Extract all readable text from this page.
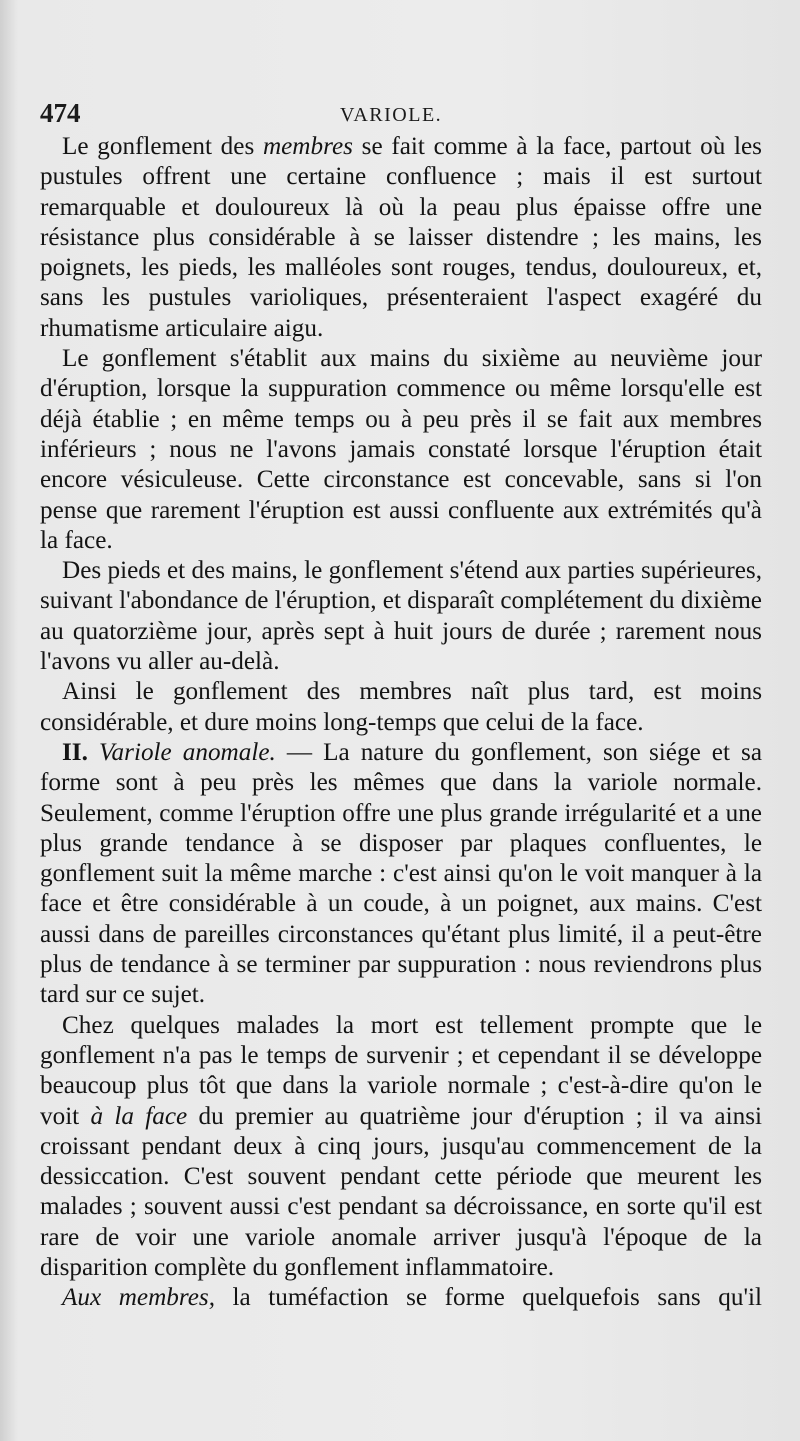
474	VARIOLE.

Le gonflement des membres se fait comme à la face, partout où les pustules offrent une certaine confluence ; mais il est surtout remarquable et douloureux là où la peau plus épaisse offre une résistance plus considérable à se laisser distendre ; les mains, les poignets, les pieds, les malléoles sont rouges, tendus, douloureux, et, sans les pustules varioliques, présenteraient l'aspect exagéré du rhumatisme articulaire aigu.

Le gonflement s'établit aux mains du sixième au neuvième jour d'éruption, lorsque la suppuration commence ou même lorsqu'elle est déjà établie ; en même temps ou à peu près il se fait aux membres inférieurs ; nous ne l'avons jamais constaté lorsque l'éruption était encore vésiculeuse. Cette circonstance est concevable, sans si l'on pense que rarement l'éruption est aussi confluente aux extrémités qu'à la face.

Des pieds et des mains, le gonflement s'étend aux parties supérieures, suivant l'abondance de l'éruption, et disparaît complétement du dixième au quatorzième jour, après sept à huit jours de durée ; rarement nous l'avons vu aller au-delà.

Ainsi le gonflement des membres naît plus tard, est moins considérable, et dure moins long-temps que celui de la face.

II. Variole anomale. — La nature du gonflement, son siége et sa forme sont à peu près les mêmes que dans la variole normale. Seulement, comme l'éruption offre une plus grande irrégularité et a une plus grande tendance à se disposer par plaques confluentes, le gonflement suit la même marche : c'est ainsi qu'on le voit manquer à la face et être considérable à un coude, à un poignet, aux mains. C'est aussi dans de pareilles circonstances qu'étant plus limité, il a peut-être plus de tendance à se terminer par suppuration : nous reviendrons plus tard sur ce sujet.

Chez quelques malades la mort est tellement prompte que le gonflement n'a pas le temps de survenir ; et cependant il se développe beaucoup plus tôt que dans la variole normale ; c'est-à-dire qu'on le voit à la face du premier au quatrième jour d'éruption ; il va ainsi croissant pendant deux à cinq jours, jusqu'au commencement de la dessiccation. C'est souvent pendant cette période que meurent les malades ; souvent aussi c'est pendant sa décroissance, en sorte qu'il est rare de voir une variole anomale arriver jusqu'à l'époque de la disparition complète du gonflement inflammatoire.

Aux membres, la tuméfaction se forme quelquefois sans qu'il
